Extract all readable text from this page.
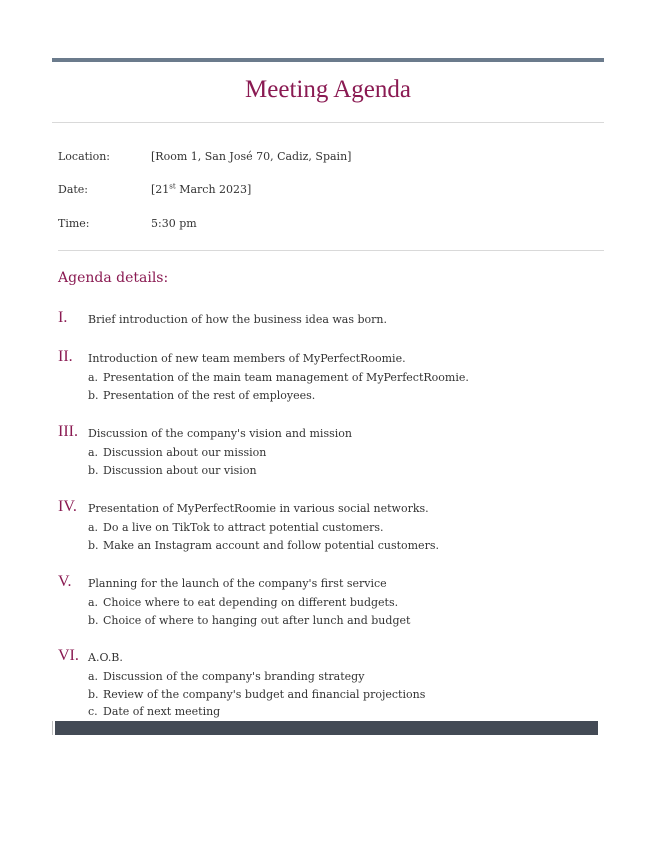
Meeting Agenda
Location:	[Room 1, San José 70, Cadiz, Spain]
Date:	[21st March 2023]
Time:	5:30 pm
Agenda details:
I. Brief introduction of how the business idea was born.
II. Introduction of new team members of MyPerfectRoomie.
a. Presentation of the main team management of MyPerfectRoomie.
b. Presentation of the rest of employees.
III. Discussion of the company's vision and mission
a. Discussion about our mission
b. Discussion about our vision
IV. Presentation of MyPerfectRoomie in various social networks.
a. Do a live on TikTok to attract potential customers.
b. Make an Instagram account and follow potential customers.
V. Planning for the launch of the company's first service
a. Choice where to eat depending on different budgets.
b. Choice of where to hanging out after lunch and budget
VI. A.O.B.
a. Discussion of the company's branding strategy
b. Review of the company's budget and financial projections
c. Date of next meeting
